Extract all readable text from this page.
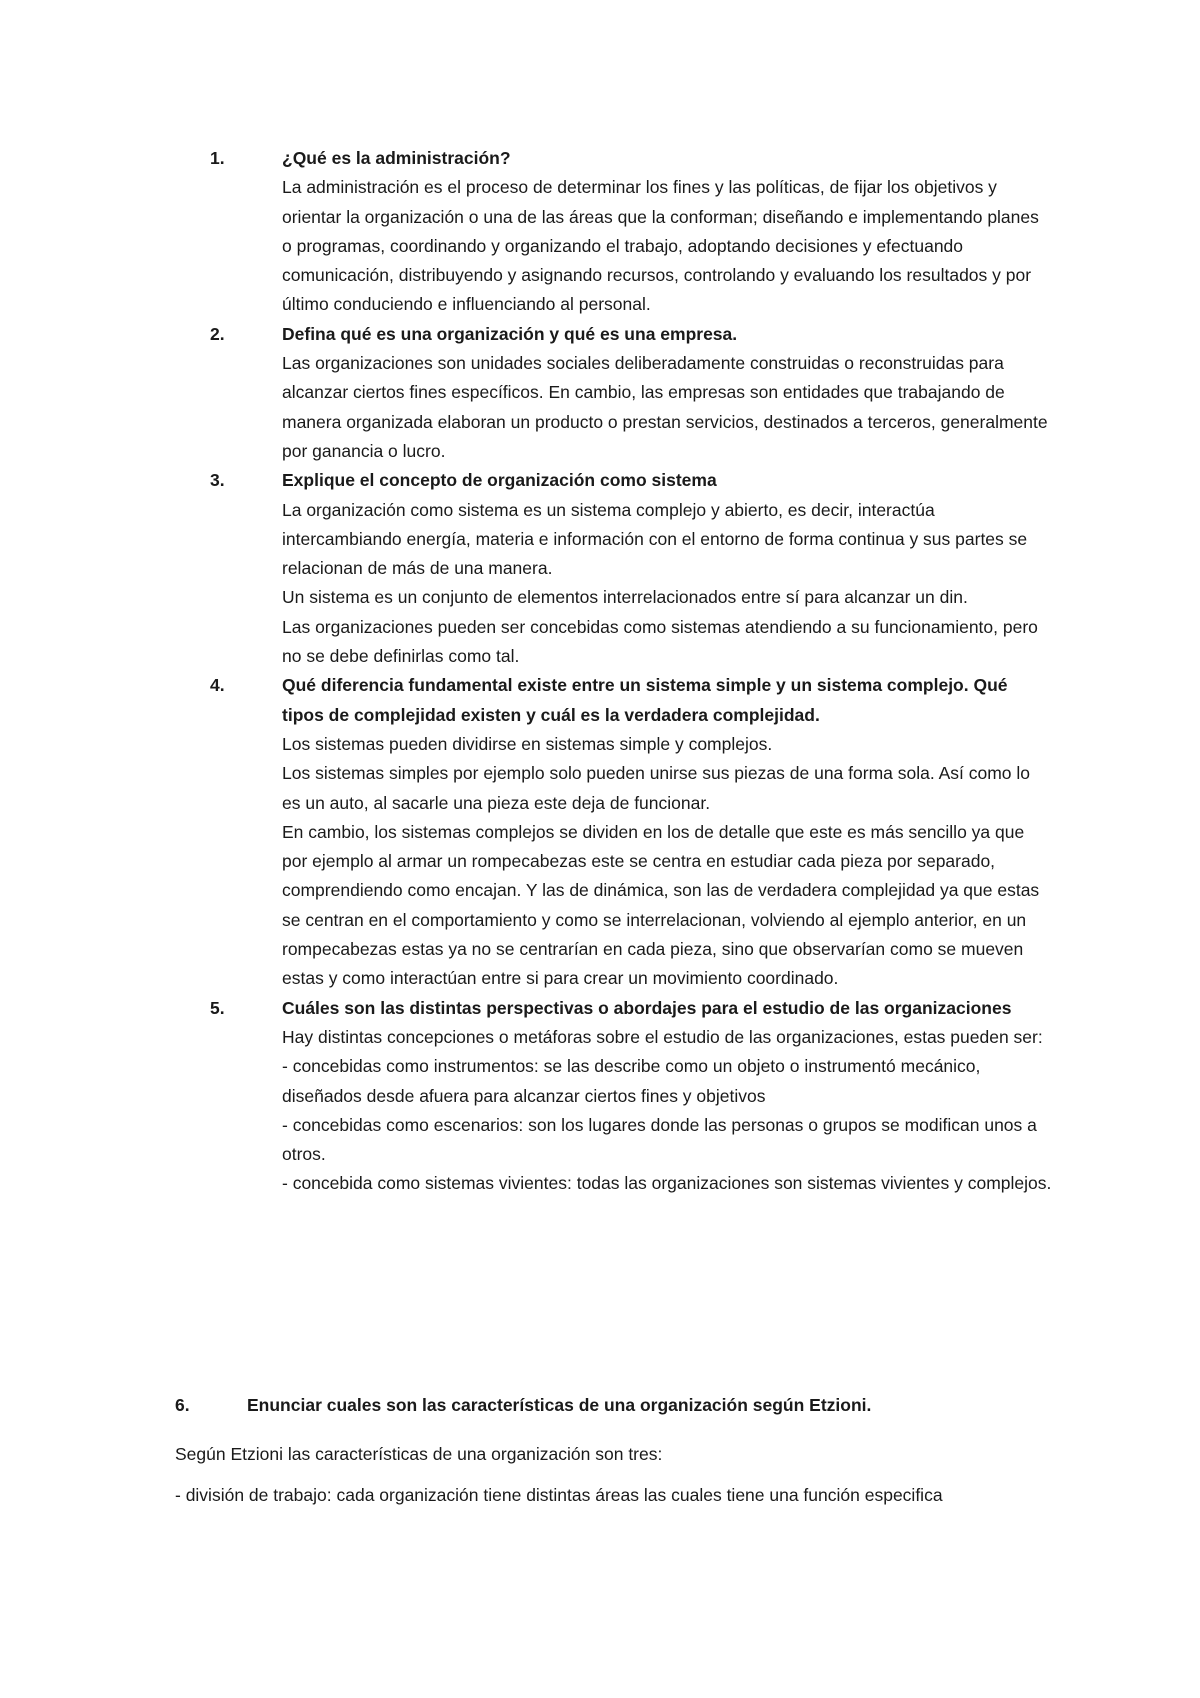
1.	¿Qué es la administración?
La administración es el proceso de determinar los fines y las políticas, de fijar los objetivos y orientar la organización o una de las áreas que la conforman; diseñando e implementando planes o programas, coordinando y organizando el trabajo, adoptando decisiones y efectuando comunicación, distribuyendo y asignando recursos, controlando y evaluando los resultados y por último conduciendo e influenciando al personal.
2.	Defina qué es una organización y qué es una empresa.
Las organizaciones son unidades sociales deliberadamente construidas o reconstruidas para alcanzar ciertos fines específicos. En cambio, las empresas son entidades que trabajando de manera organizada elaboran un producto o prestan servicios, destinados a terceros, generalmente por ganancia o lucro.
3.	Explique el concepto de organización como sistema
La organización como sistema es un sistema complejo y abierto, es decir, interactúa intercambiando energía, materia e información con el entorno de forma continua y sus partes se relacionan de más de una manera.
Un sistema es un conjunto de elementos interrelacionados entre sí para alcanzar un din.
Las organizaciones pueden ser concebidas como sistemas atendiendo a su funcionamiento, pero no se debe definirlas como tal.
4.	Qué diferencia fundamental existe entre un sistema simple y un sistema complejo. Qué tipos de complejidad existen y cuál es la verdadera complejidad.
Los sistemas pueden dividirse en sistemas simple y complejos.
Los sistemas simples por ejemplo solo pueden unirse sus piezas de una forma sola. Así como lo es un auto, al sacarle una pieza este deja de funcionar.
En cambio, los sistemas complejos se dividen en los de detalle que este es más sencillo ya que por ejemplo al armar un rompecabezas este se centra en estudiar cada pieza por separado, comprendiendo como encajan. Y las de dinámica, son las de verdadera complejidad ya que estas se centran en el comportamiento y como se interrelacionan, volviendo al ejemplo anterior, en un rompecabezas estas ya no se centrarían en cada pieza, sino que observarían como se mueven estas y como interactúan entre si para crear un movimiento coordinado.
5.	Cuáles son las distintas perspectivas o abordajes para el estudio de las organizaciones
Hay distintas concepciones o metáforas sobre el estudio de las organizaciones, estas pueden ser:
- concebidas como instrumentos: se las describe como un objeto o instrumentó mecánico, diseñados desde afuera para alcanzar ciertos fines y objetivos
- concebidas como escenarios: son los lugares donde las personas o grupos se modifican unos a otros.
- concebida como sistemas vivientes: todas las organizaciones son sistemas vivientes y complejos.
6.	Enunciar cuales son las características de una organización según Etzioni.
Según Etzioni las características de una organización son tres:
- división de trabajo: cada organización tiene distintas áreas las cuales tiene una función especifica
